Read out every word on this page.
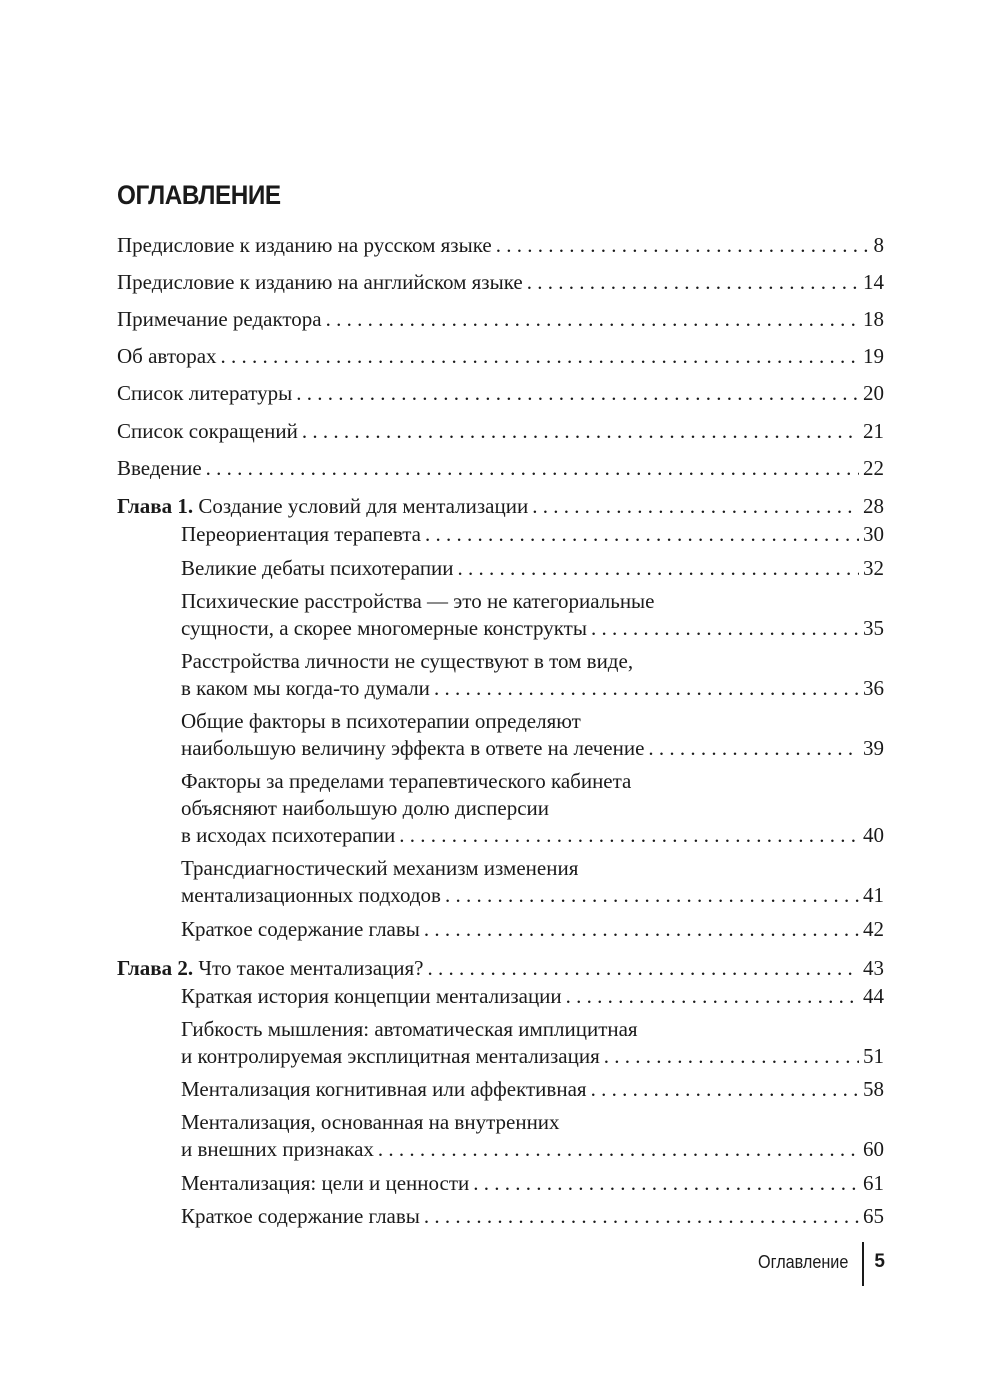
ОГЛАВЛЕНИЕ
Предисловие к изданию на русском языке . . .	8
Предисловие к изданию на английском языке . . .	14
Примечание редактора . . .	18
Об авторах . . .	19
Список литературы . . .	20
Список сокращений . . .	21
Введение . . .	22
Глава 1. Создание условий для ментализации . . .	28
Переориентация терапевта . . .	30
Великие дебаты психотерапии . . .	32
Психические расстройства — это не категориальные
сущности, а скорее многомерные конструкты . . .	35
Расстройства личности не существуют в том виде,
в каком мы когда-то думали . . .	36
Общие факторы в психотерапии определяют
наибольшую величину эффекта в ответе на лечение . . .	39
Факторы за пределами терапевтического кабинета
объясняют наибольшую долю дисперсии
в исходах психотерапии . . .	40
Трансдиагностический механизм изменения
ментализационных подходов . . .	41
Краткое содержание главы . . .	42
Глава 2. Что такое ментализация? . . .	43
Краткая история концепции ментализации . . .	44
Гибкость мышления: автоматическая имплицитная
и контролируемая эксплицитная ментализация . . .	51
Ментализация когнитивная или аффективная . . .	58
Ментализация, основанная на внутренних
и внешних признаках . . .	60
Ментализация: цели и ценности . . .	61
Краткое содержание главы . . .	65
Оглавление 5
